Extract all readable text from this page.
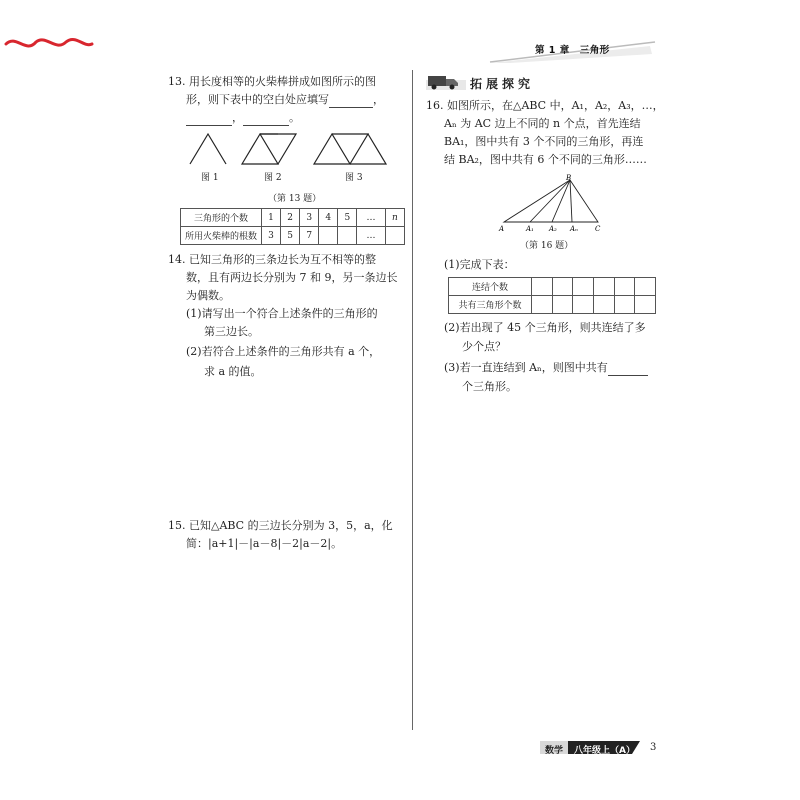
第 1 章　三角形
13. 用长度相等的火柴棒拼成如图所示的图
形，则下表中的空白处应填写	，
，	。
图 1	图 2	图 3
（第 13 题）
三角形的个数	1	2	3	4	5	…	n
所用火柴棒的根数	3	5	7			…	
14. 已知三角形的三条边长为互不相等的整
数，且有两边长分别为 7 和 9，另一条边长
为偶数。
(1)请写出一个符合上述条件的三角形的
第三边长。
(2)若符合上述条件的三角形共有 a 个，
求 a 的值。
15. 已知△ABC 的三边长分别为 3，5，a，化
简：|a+1|－|a－8|－2|a－2|。
拓展探究
16. 如图所示，在△ABC 中，A₁，A₂，A₃，…，
Aₙ 为 AC 边上不同的 n 个点，首先连结
BA₁，图中共有 3 个不同的三角形，再连
结 BA₂，图中共有 6 个不同的三角形……
B
A	A₁ A₂ Aₙ C
（第 16 题）
(1)完成下表：
连结个数						
共有三角形个数						
(2)若出现了 45 个三角形，则共连结了多
少个点？
(3)若一直连结到 Aₙ，则图中共有
个三角形。
数学 八年级上（A） 3
